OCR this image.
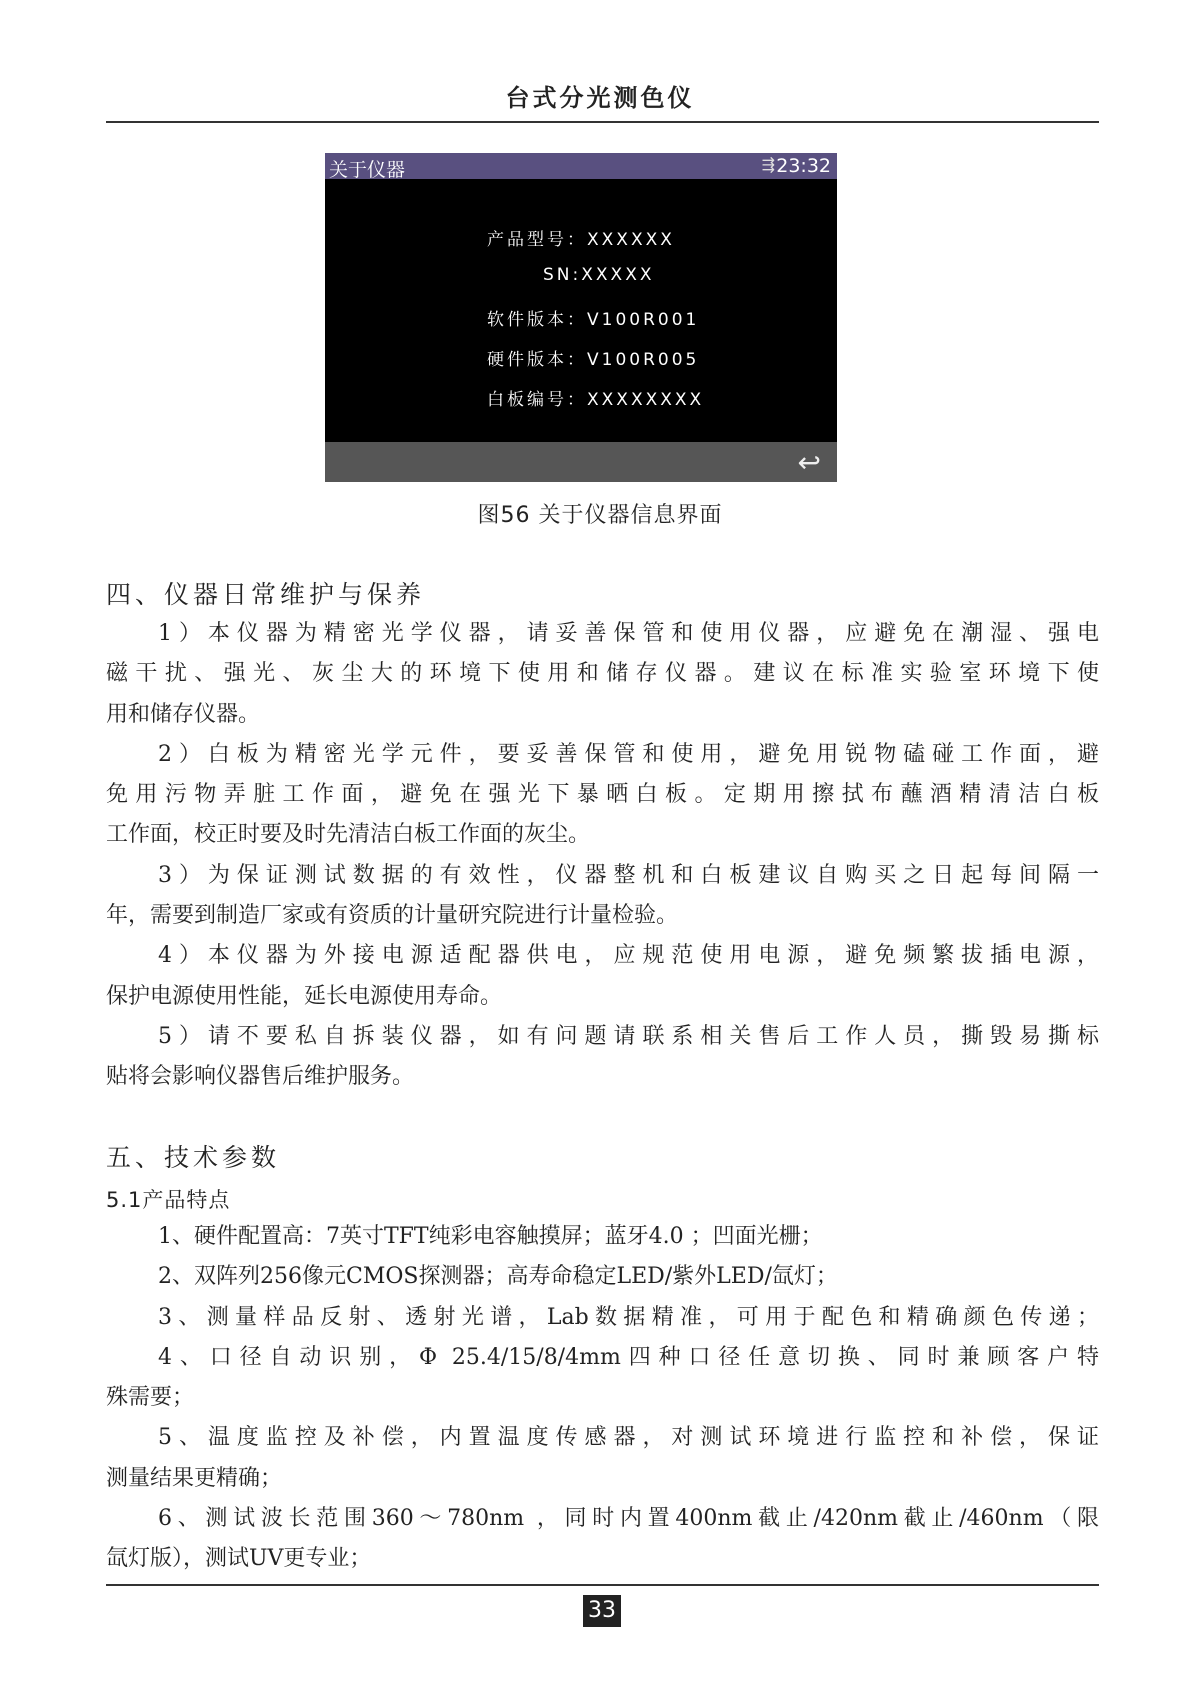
台式分光测色仪
关于仪器	⇶ 23:32
产品型号：XXXXXX
SN:XXXXX
软件版本：V100R001
硬件版本：V100R005
白板编号：XXXXXXXX
↩
图56 关于仪器信息界面
四、仪器日常维护与保养
1）本仪器为精密光学仪器，请妥善保管和使用仪器，应避免在潮湿、强电
磁干扰、强光、灰尘大的环境下使用和储存仪器。建议在标准实验室环境下使
用和储存仪器。
2）白板为精密光学元件，要妥善保管和使用，避免用锐物磕碰工作面，避
免用污物弄脏工作面，避免在强光下暴晒白板。定期用擦拭布蘸酒精清洁白板
工作面，校正时要及时先清洁白板工作面的灰尘。
3）为保证测试数据的有效性，仪器整机和白板建议自购买之日起每间隔一
年，需要到制造厂家或有资质的计量研究院进行计量检验。
4）本仪器为外接电源适配器供电，应规范使用电源，避免频繁拔插电源，
保护电源使用性能，延长电源使用寿命。
5）请不要私自拆装仪器，如有问题请联系相关售后工作人员，撕毁易撕标
贴将会影响仪器售后维护服务。
五、技术参数
5.1产品特点
1、硬件配置高：7英寸TFT纯彩电容触摸屏；蓝牙4.0 ；凹面光栅；
2、双阵列256像元CMOS探测器；高寿命稳定LED/紫外LED/氙灯；
3、测量样品反射、透射光谱，Lab数据精准，可用于配色和精确颜色传递；
4、口径自动识别，Φ 25.4/15/8/4mm四种口径任意切换、同时兼顾客户特
殊需要；
5、温度监控及补偿，内置温度传感器，对测试环境进行监控和补偿，保证
测量结果更精确；
6、测试波长范围360～780nm ，同时内置400nm截止/420nm截止/460nm（限
氙灯版），测试UV更专业；
33
